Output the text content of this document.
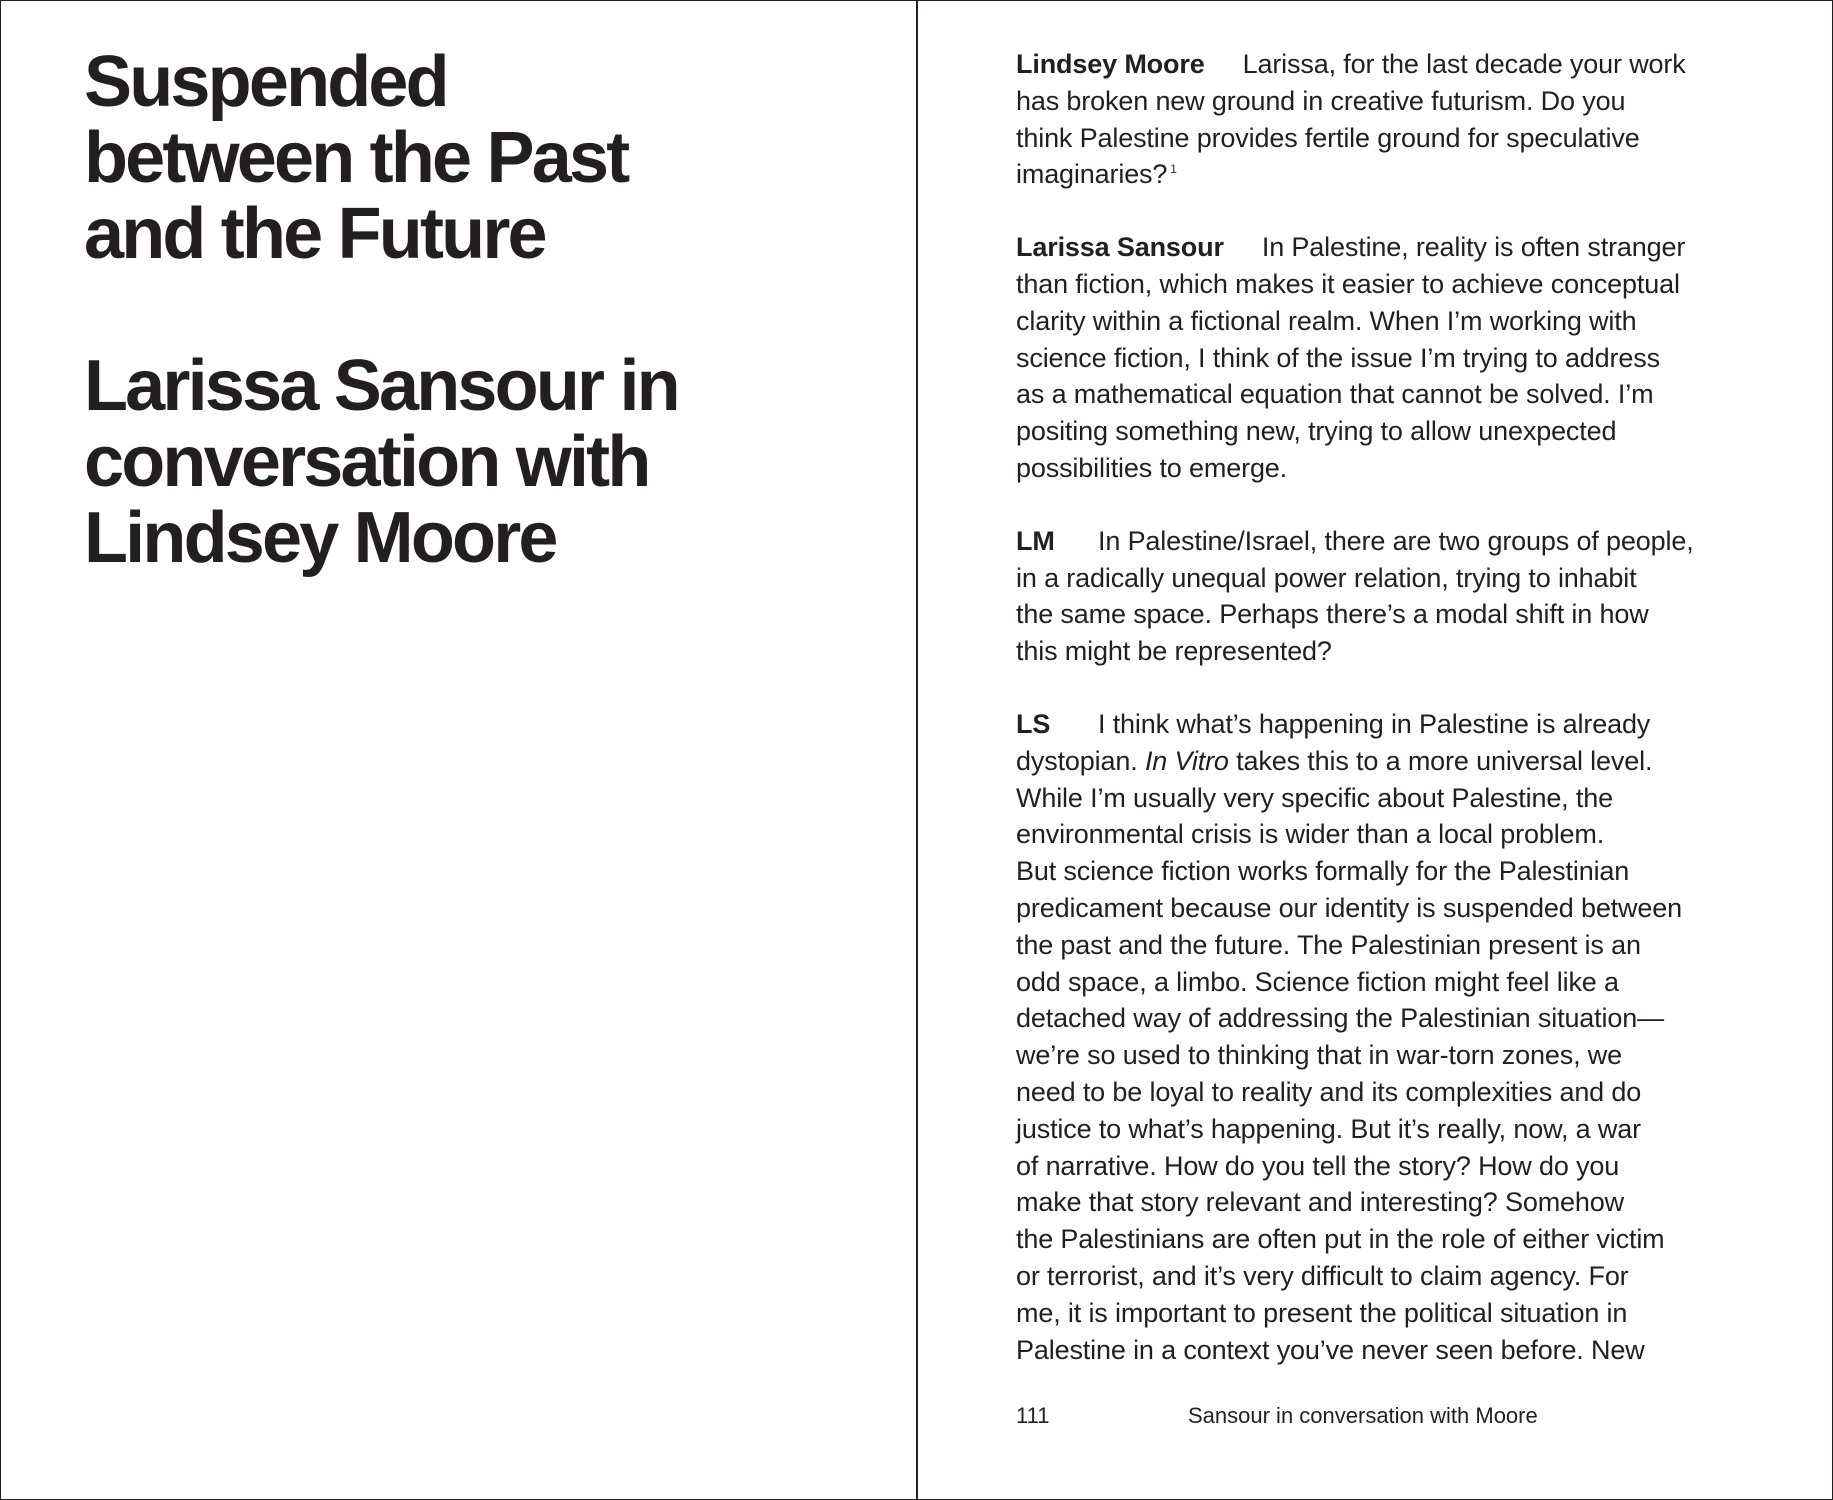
Suspended
between the Past
and the Future
Larissa Sansour in
conversation with
Lindsey Moore

Lindsey Moore Larissa, for the last decade your work
has broken new ground in creative futurism. Do you
think Palestine provides fertile ground for speculative
imaginaries? $^1$

Larissa Sansour In Palestine, reality is often stranger
than fiction, which makes it easier to achieve conceptual
clarity within a fictional realm. When I’m working with
science fiction, I think of the issue I’m trying to address
as a mathematical equation that cannot be solved. I’m
positing something new, trying to allow unexpected
possibilities to emerge.

LM In Palestine/Israel, there are two groups of people,
in a radically unequal power relation, trying to inhabit
the same space. Perhaps there’s a modal shift in how
this might be represented?

LS I think what’s happening in Palestine is already
dystopian. In Vitro takes this to a more universal level.
While I’m usually very specific about Palestine, the
environmental crisis is wider than a local problem.
But science fiction works formally for the Palestinian
predicament because our identity is suspended between
the past and the future. The Palestinian present is an
odd space, a limbo. Science fiction might feel like a
detached way of addressing the Palestinian situation—
we’re so used to thinking that in war-torn zones, we
need to be loyal to reality and its complexities and do
justice to what’s happening. But it’s really, now, a war
of narrative. How do you tell the story? How do you
make that story relevant and interesting? Somehow
the Palestinians are often put in the role of either victim
or terrorist, and it’s very difficult to claim agency. For
me, it is important to present the political situation in
Palestine in a context you’ve never seen before. New

111	Sansour in conversation with Moore
